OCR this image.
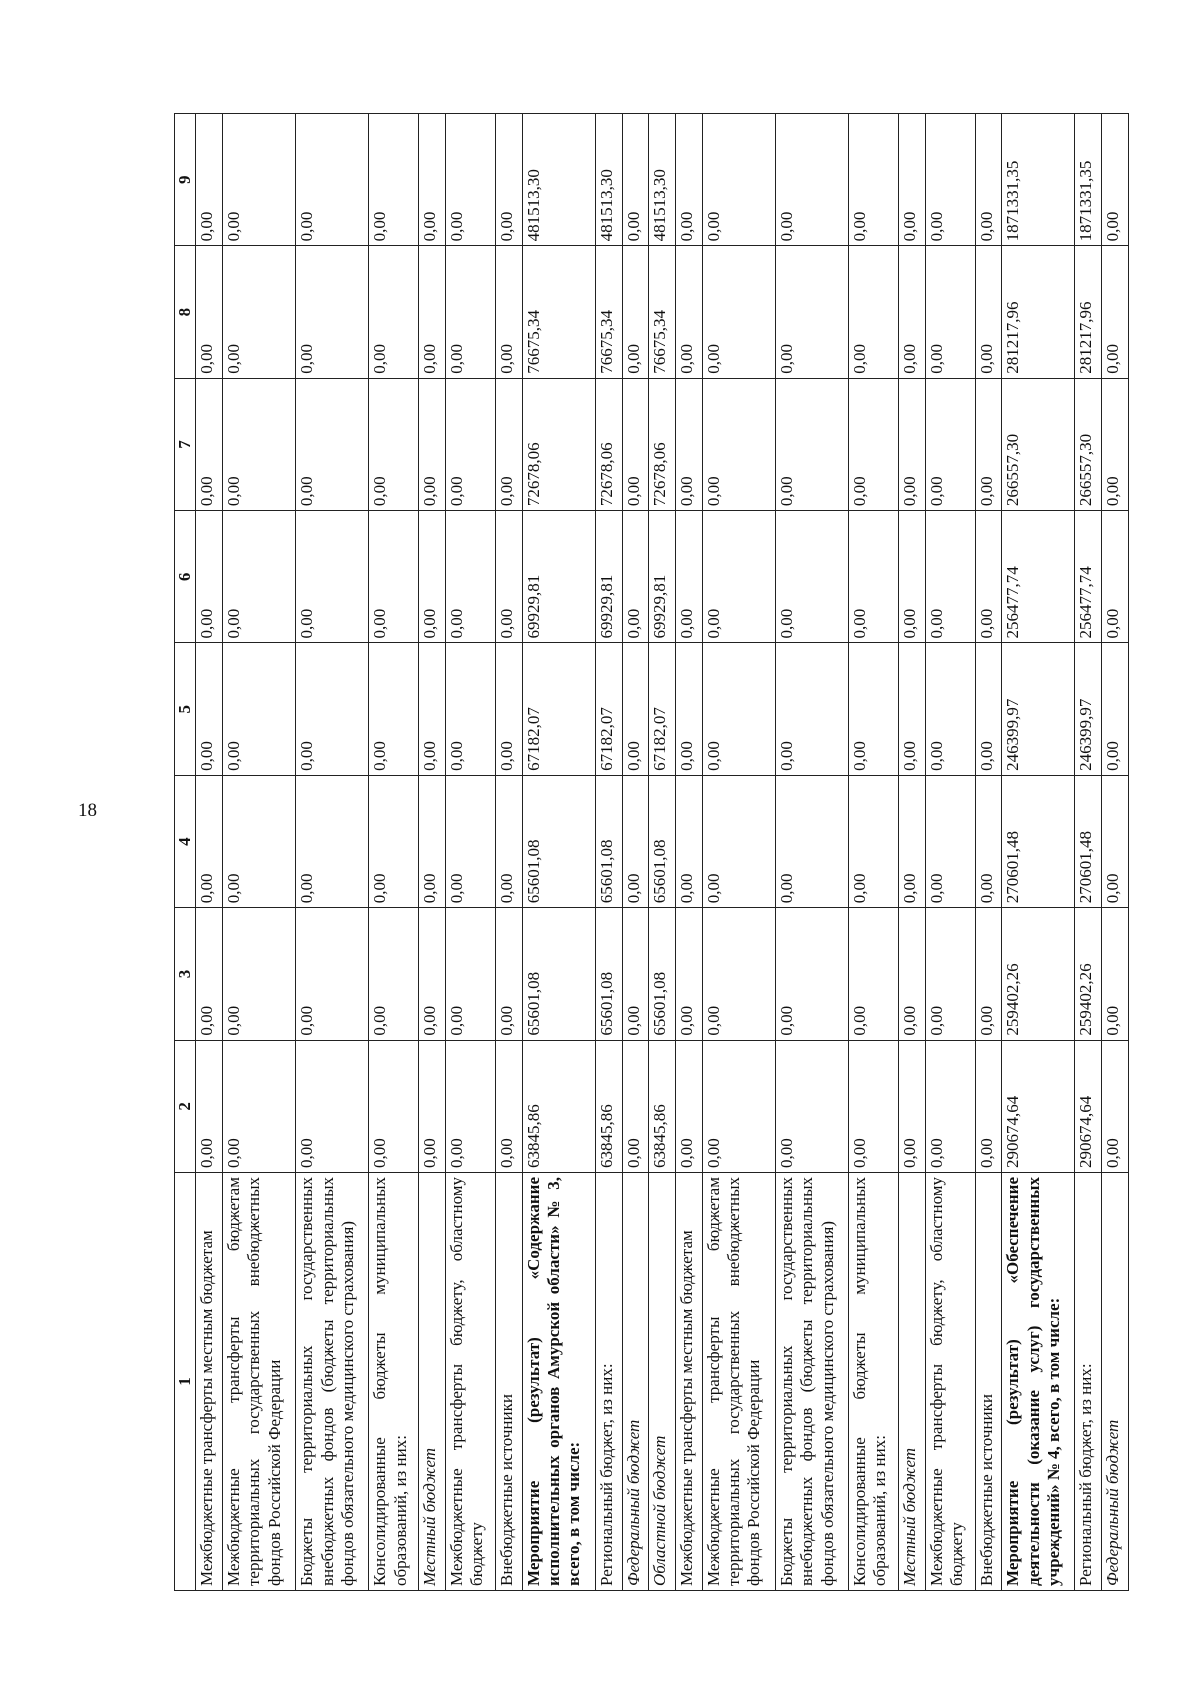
18
1	2	3	4	5	6	7	8	9
Межбюджетные трансферты местным бюджетам	0,00	0,00	0,00	0,00	0,00	0,00	0,00	0,00
Межбюджетные трансферты бюджетам территориальных государственных внебюджетных фондов Российской Федерации	0,00	0,00	0,00	0,00	0,00	0,00	0,00	0,00
Бюджеты территориальных государственных внебюджетных фондов (бюджеты территориальных фондов обязательного медицинского страхования)	0,00	0,00	0,00	0,00	0,00	0,00	0,00	0,00
Консолидированные бюджеты муниципальных образований, из них:	0,00	0,00	0,00	0,00	0,00	0,00	0,00	0,00
Местный бюджет	0,00	0,00	0,00	0,00	0,00	0,00	0,00	0,00
Межбюджетные трансферты бюджету, областному бюджету	0,00	0,00	0,00	0,00	0,00	0,00	0,00	0,00
Внебюджетные источники	0,00	0,00	0,00	0,00	0,00	0,00	0,00	0,00
Мероприятие (результат) «Содержание исполнительных органов Амурской области» № 3, всего, в том числе:	63845,86	65601,08	65601,08	67182,07	69929,81	72678,06	76675,34	481513,30
Региональный бюджет, из них:	63845,86	65601,08	65601,08	67182,07	69929,81	72678,06	76675,34	481513,30
Федеральный бюджет	0,00	0,00	0,00	0,00	0,00	0,00	0,00	0,00
Областной бюджет	63845,86	65601,08	65601,08	67182,07	69929,81	72678,06	76675,34	481513,30
Межбюджетные трансферты местным бюджетам	0,00	0,00	0,00	0,00	0,00	0,00	0,00	0,00
Межбюджетные трансферты бюджетам территориальных государственных внебюджетных фондов Российской Федерации	0,00	0,00	0,00	0,00	0,00	0,00	0,00	0,00
Бюджеты территориальных государственных внебюджетных фондов (бюджеты территориальных фондов обязательного медицинского страхования)	0,00	0,00	0,00	0,00	0,00	0,00	0,00	0,00
Консолидированные бюджеты муниципальных образований, из них:	0,00	0,00	0,00	0,00	0,00	0,00	0,00	0,00
Местный бюджет	0,00	0,00	0,00	0,00	0,00	0,00	0,00	0,00
Межбюджетные трансферты бюджету, областному бюджету	0,00	0,00	0,00	0,00	0,00	0,00	0,00	0,00
Внебюджетные источники	0,00	0,00	0,00	0,00	0,00	0,00	0,00	0,00
Мероприятие (результат) «Обеспечение деятельности (оказание услуг) государственных учреждений» № 4, всего, в том числе:	290674,64	259402,26	270601,48	246399,97	256477,74	266557,30	281217,96	1871331,35
Региональный бюджет, из них:	290674,64	259402,26	270601,48	246399,97	256477,74	266557,30	281217,96	1871331,35
Федеральный бюджет	0,00	0,00	0,00	0,00	0,00	0,00	0,00	0,00
